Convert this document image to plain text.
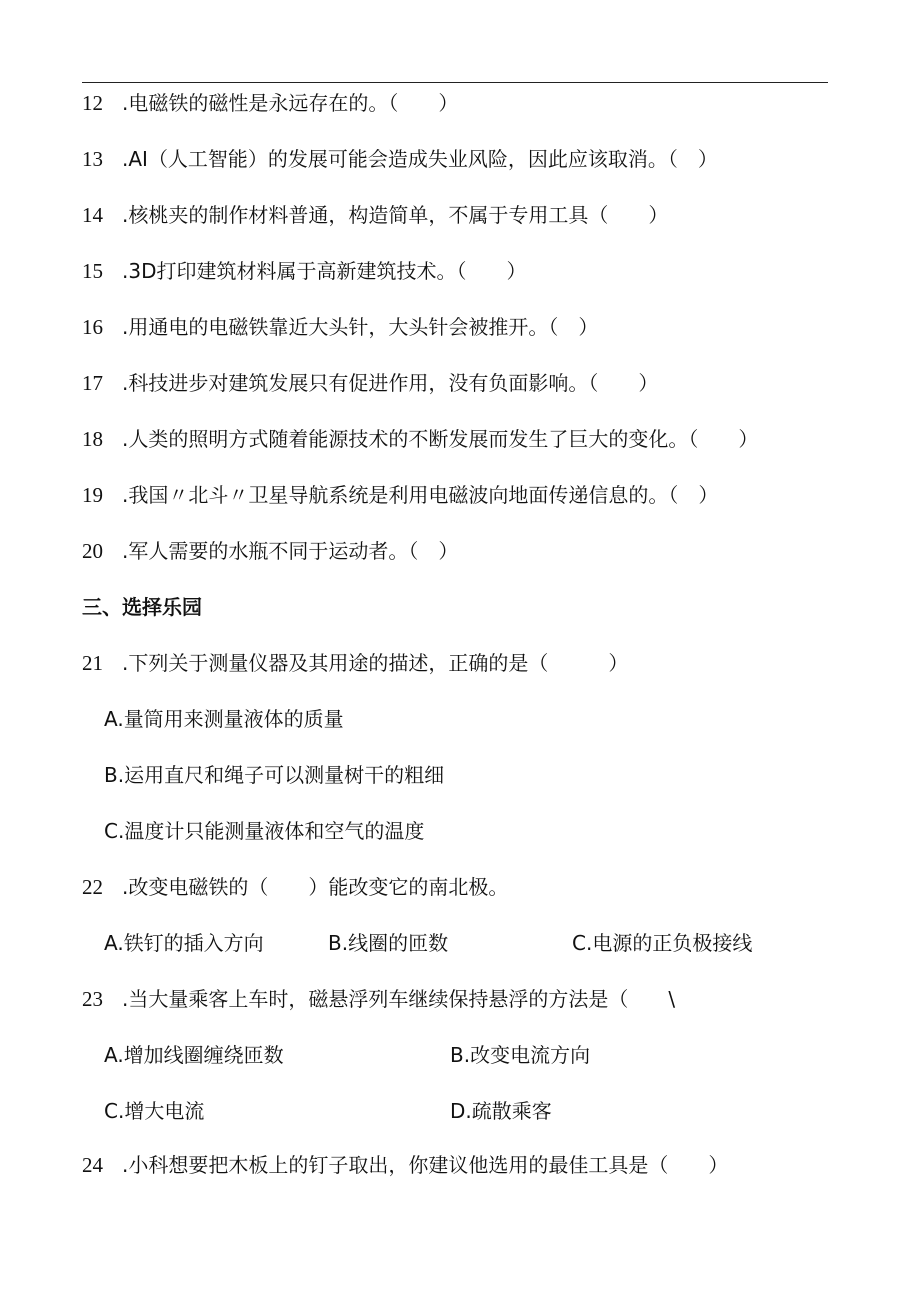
12 .电磁铁的磁性是永远存在的。（　　）
13 .AI（人工智能）的发展可能会造成失业风险，因此应该取消。（　）
14 .核桃夹的制作材料普通，构造简单，不属于专用工具（　　）
15 .3D打印建筑材料属于高新建筑技术。（　　）
16 .用通电的电磁铁靠近大头针，大头针会被推开。（　）
17 .科技进步对建筑发展只有促进作用，没有负面影响。（　　）
18 .人类的照明方式随着能源技术的不断发展而发生了巨大的变化。（　　）
19 .我国〃北斗〃卫星导航系统是利用电磁波向地面传递信息的。（　）
20 .军人需要的水瓶不同于运动者。（　）
三、选择乐园
21 .下列关于测量仪器及其用途的描述，正确的是（　　　）
A.量筒用来测量液体的质量
B.运用直尺和绳子可以测量树干的粗细
C.温度计只能测量液体和空气的温度
22 .改变电磁铁的（　　）能改变它的南北极。
A.铁钉的插入方向	B.线圈的匝数	C.电源的正负极接线
23 .当大量乘客上车时，磁悬浮列车继续保持悬浮的方法是（　　\
A.增加线圈缠绕匝数	B.改变电流方向
C.增大电流	D.疏散乘客
24 .小科想要把木板上的钉子取出，你建议他选用的最佳工具是（　　）
